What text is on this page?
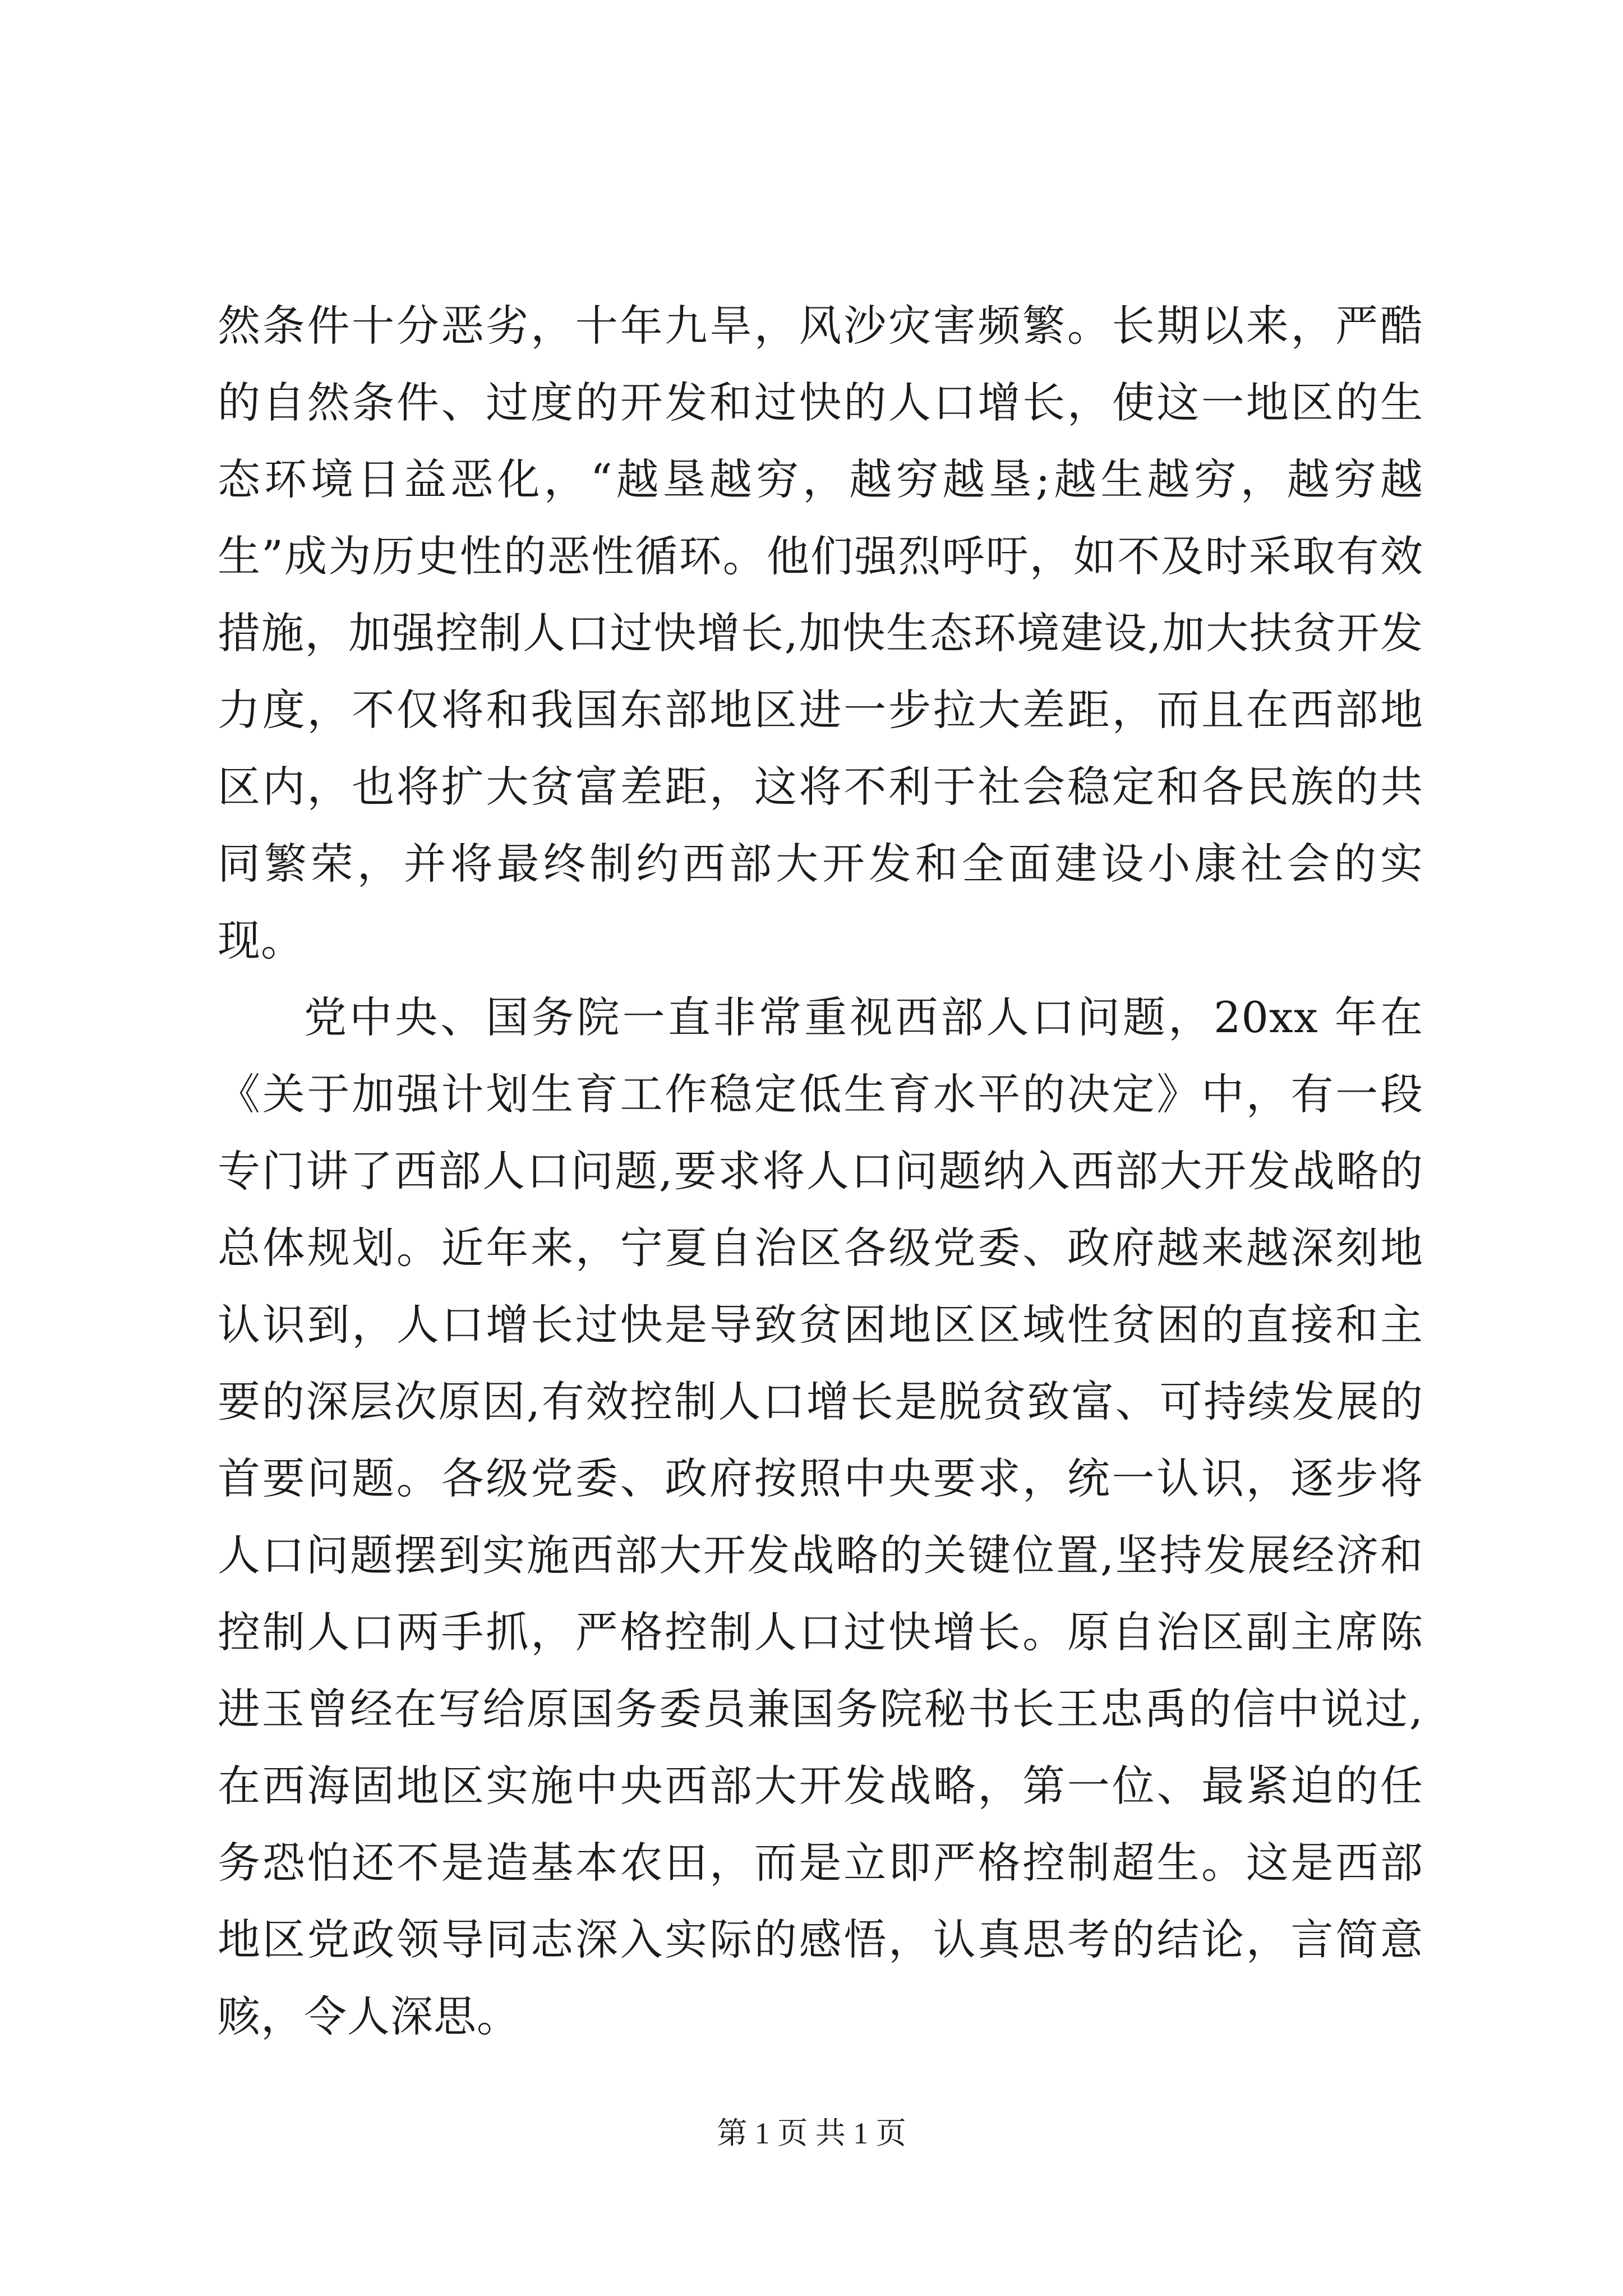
然条件十分恶劣，十年九旱，风沙灾害频繁。长期以来，严酷的自然条件、过度的开发和过快的人口增长，使这一地区的生态环境日益恶化，“越垦越穷，越穷越垦;越生越穷，越穷越生”成为历史性的恶性循环。他们强烈呼吁，如不及时采取有效措施，加强控制人口过快增长,加快生态环境建设,加大扶贫开发力度，不仅将和我国东部地区进一步拉大差距，而且在西部地区内，也将扩大贫富差距，这将不利于社会稳定和各民族的共同繁荣，并将最终制约西部大开发和全面建设小康社会的实现。

党中央、国务院一直非常重视西部人口问题，20xx 年在《关于加强计划生育工作稳定低生育水平的决定》中，有一段专门讲了西部人口问题,要求将人口问题纳入西部大开发战略的总体规划。近年来，宁夏自治区各级党委、政府越来越深刻地认识到，人口增长过快是导致贫困地区区域性贫困的直接和主要的深层次原因,有效控制人口增长是脱贫致富、可持续发展的首要问题。各级党委、政府按照中央要求，统一认识，逐步将人口问题摆到实施西部大开发战略的关键位置,坚持发展经济和控制人口两手抓，严格控制人口过快增长。原自治区副主席陈进玉曾经在写给原国务委员兼国务院秘书长王忠禹的信中说过,在西海固地区实施中央西部大开发战略，第一位、最紧迫的任务恐怕还不是造基本农田，而是立即严格控制超生。这是西部地区党政领导同志深入实际的感悟，认真思考的结论，言简意赅，令人深思。

第 1 页 共 1 页
